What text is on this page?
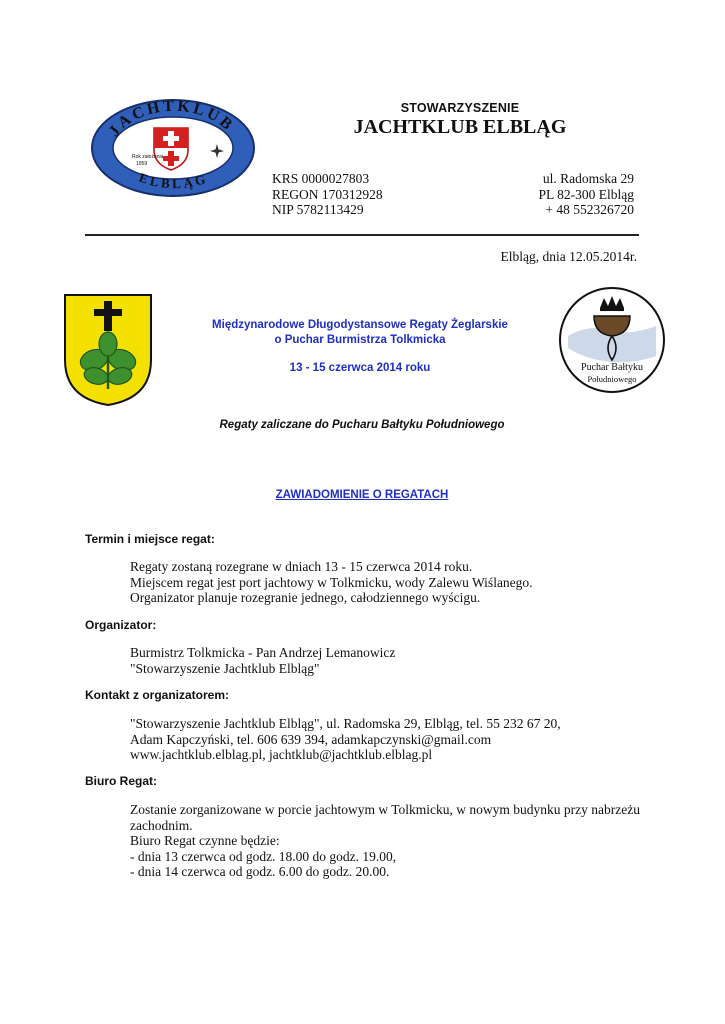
JACHTKLUB
ELBLĄG
Rok założenia
1959
STOWARZYSZENIE
JACHTKLUB ELBLĄG
KRS 0000027803
REGON 170312928
NIP 5782113429
ul. Radomska 29
PL 82-300 Elbląg
+ 48 552326720
Elbląg, dnia 12.05.2014r.
Międzynarodowe Długodystansowe Regaty Żeglarskie
o Puchar Burmistrza Tolkmicka
13 - 15 czerwca 2014 roku	Puchar Bałtyku
Południowego
Regaty zaliczane do Pucharu Bałtyku Południowego
ZAWIADOMIENIE O REGATACH
Termin i miejsce regat:
Regaty zostaną rozegrane w dniach 13 - 15 czerwca 2014 roku.
Miejscem regat jest port jachtowy w Tolkmicku, wody Zalewu Wiślanego.
Organizator planuje rozegranie jednego, całodziennego wyścigu.
Organizator:
Burmistrz Tolkmicka - Pan Andrzej Lemanowicz
"Stowarzyszenie Jachtklub Elbląg"
Kontakt z organizatorem:
"Stowarzyszenie Jachtklub Elbląg", ul. Radomska 29, Elbląg, tel. 55 232 67 20,
Adam Kapczyński, tel. 606 639 394, adamkapczynski@gmail.com
www.jachtklub.elblag.pl, jachtklub@jachtklub.elblag.pl
Biuro Regat:
Zostanie zorganizowane w porcie jachtowym w Tolkmicku, w nowym budynku przy nabrzeżu zachodnim.
Biuro Regat czynne będzie:
- dnia 13 czerwca od godz. 18.00 do godz. 19.00,
- dnia 14 czerwca od godz. 6.00 do godz. 20.00.
